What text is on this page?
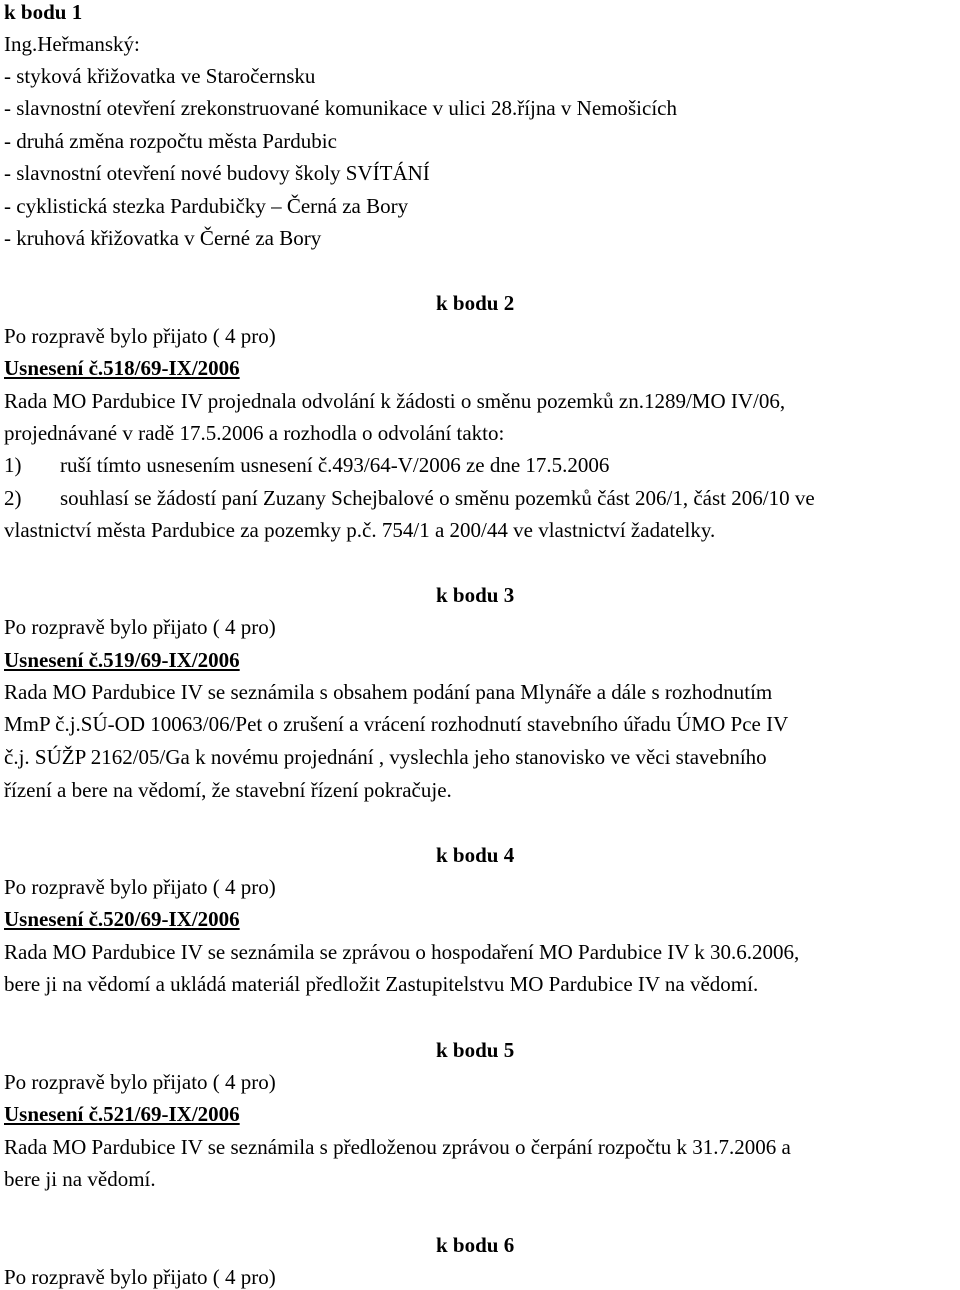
k bodu 1
Ing.Heřmanský:
- styková křižovatka ve Staročernsku
- slavnostní otevření zrekonstruované komunikace v ulici 28.října v Nemošicích
- druhá změna rozpočtu města Pardubic
- slavnostní otevření nové budovy školy SVÍTÁNÍ
- cyklistická stezka Pardubičky – Černá za Bory
- kruhová křižovatka v Černé za Bory
k bodu 2
Po rozpravě bylo přijato ( 4 pro)
Usnesení č.518/69-IX/2006
Rada MO Pardubice IV projednala odvolání k žádosti o směnu pozemků zn.1289/MO IV/06,
projednávané v radě 17.5.2006 a rozhodla o odvolání takto:
1) ruší tímto usnesením usnesení č.493/64-V/2006 ze dne 17.5.2006
2) souhlasí se žádostí paní Zuzany Schejbalové o směnu pozemků část 206/1, část 206/10 ve
vlastnictví města Pardubice za pozemky p.č. 754/1 a 200/44 ve vlastnictví žadatelky.
k bodu 3
Po rozpravě bylo přijato ( 4 pro)
Usnesení č.519/69-IX/2006
Rada MO Pardubice IV se seznámila s obsahem podání pana Mlynáře a dále s rozhodnutím
MmP č.j.SÚ-OD 10063/06/Pet o zrušení a vrácení rozhodnutí stavebního úřadu ÚMO Pce IV
č.j. SÚŽP 2162/05/Ga k novému projednání , vyslechla jeho stanovisko ve věci stavebního
řízení a bere na vědomí, že stavební řízení pokračuje.
k bodu 4
Po rozpravě bylo přijato ( 4 pro)
Usnesení č.520/69-IX/2006
Rada MO Pardubice IV se seznámila se zprávou o hospodaření MO Pardubice IV k 30.6.2006,
bere ji na vědomí a ukládá materiál předložit Zastupitelstvu MO Pardubice IV na vědomí.
k bodu 5
Po rozpravě bylo přijato ( 4 pro)
Usnesení č.521/69-IX/2006
Rada MO Pardubice IV se seznámila s předloženou zprávou o čerpání rozpočtu k 31.7.2006 a
bere ji na vědomí.
k bodu 6
Po rozpravě bylo přijato ( 4 pro)
